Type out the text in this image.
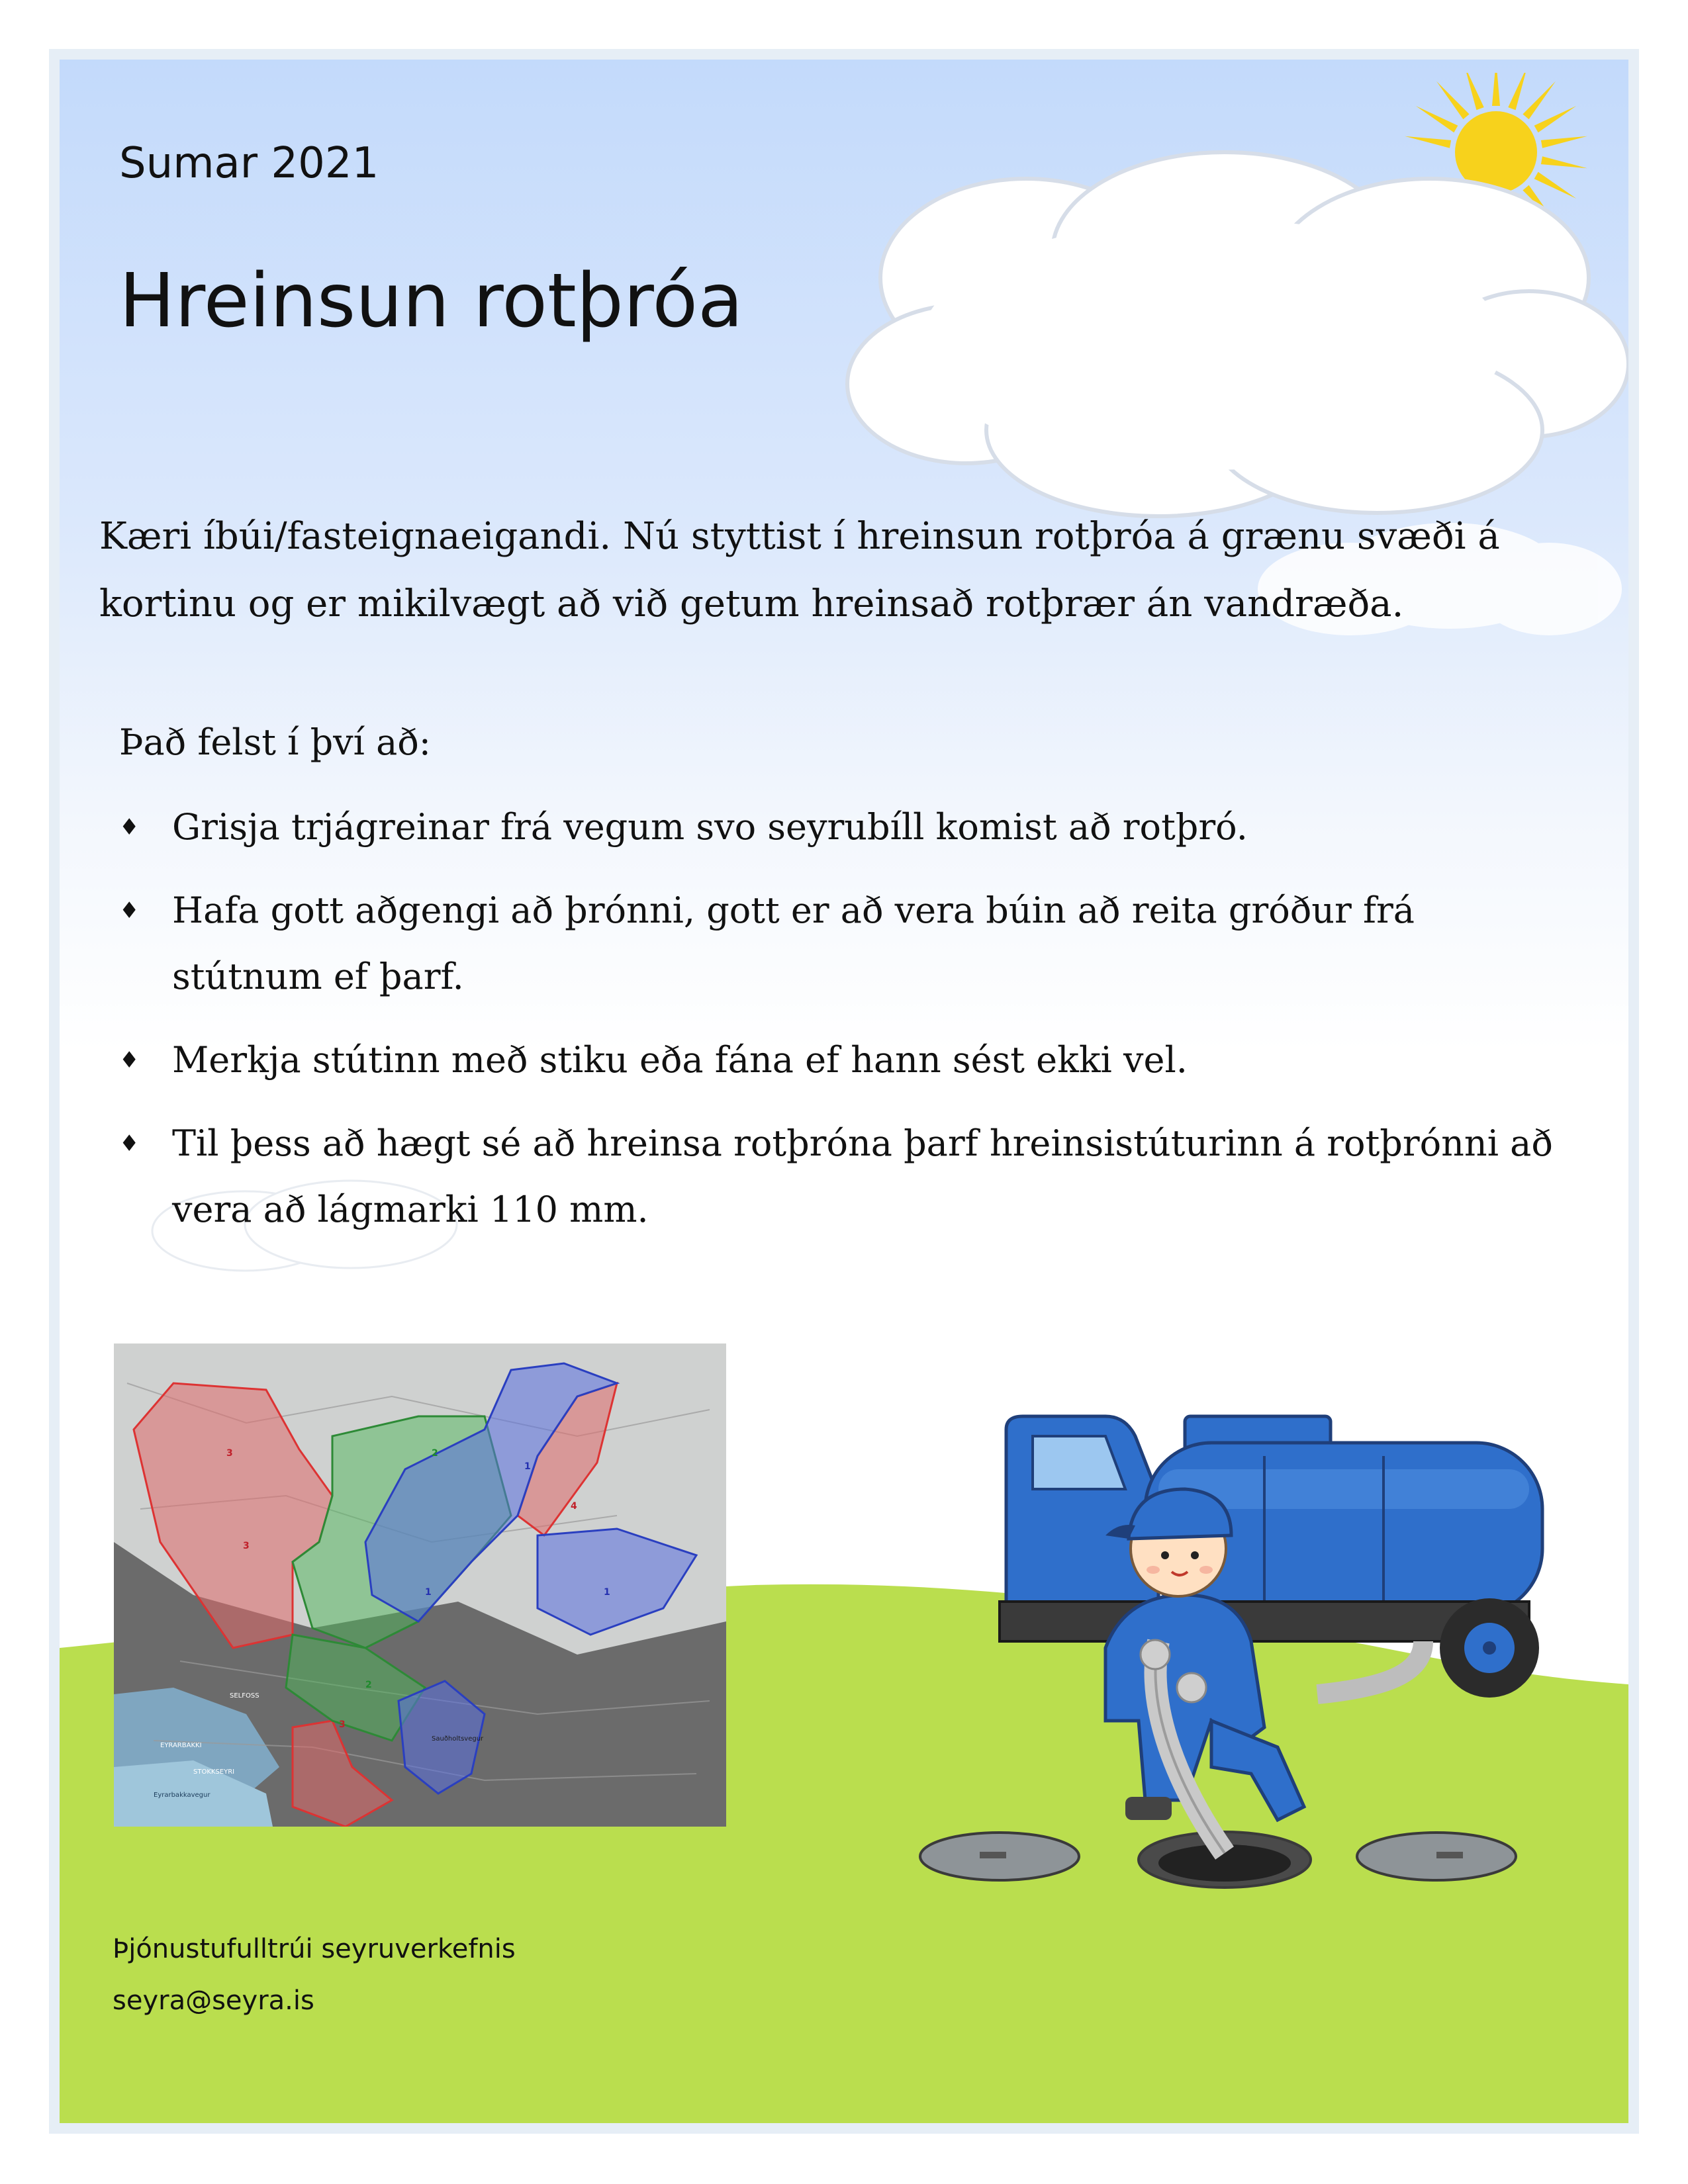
Sumar 2021
Hreinsun rotþróa

Kæri íbúi/fasteignaeigandi. Nú styttist í hreinsun rotþróa á grænu svæði á kortinu og er mikilvægt að við getum hreinsað rotþrær án vandræða.

Það felst í því að:
♦ Grisja trjágreinar frá vegum svo seyrubíll komist að rotþró.
♦ Hafa gott aðgengi að þrónni, gott er að vera búin að reita gróður frá stútnum ef þarf.
♦ Merkja stútinn með stiku eða fána ef hann sést ekki vel.
♦ Til þess að hægt sé að hreinsa rotþróna þarf hreinsistúturinn á rotþrónni að vera að lágmarki 110 mm.
3
3
3
4
2
2
1
1	1
SELFOSS
EYRARBAKKI
STOKKSEYRI
Eyrarbakkavegur
Sauðholtsvegur
Þjónustufulltrúi seyruverkefnis
seyra@seyra.is
